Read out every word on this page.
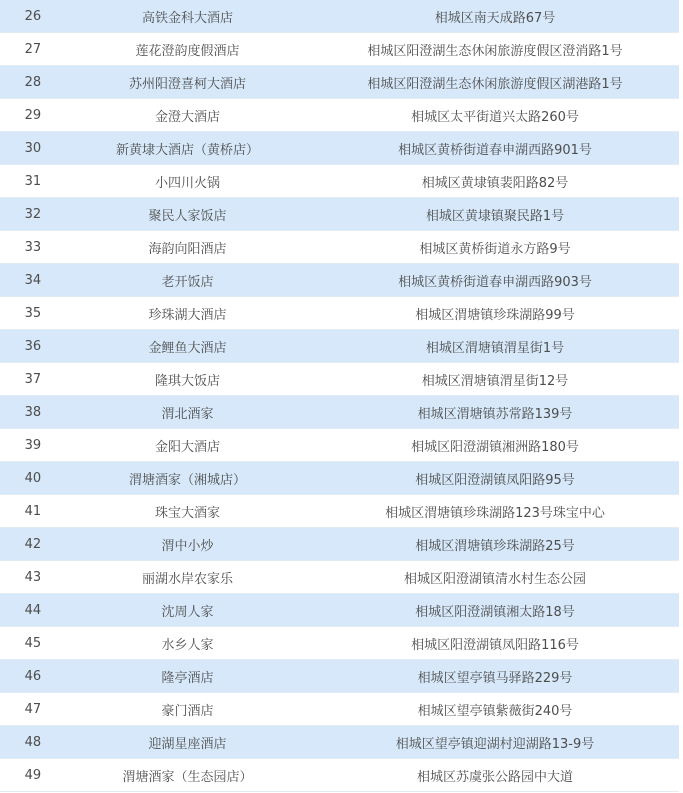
26	高铁金科大酒店	相城区南天成路67号
27	莲花澄韵度假酒店	相城区阳澄湖生态休闲旅游度假区澄消路1号
28	苏州阳澄喜柯大酒店	相城区阳澄湖生态休闲旅游度假区湖港路1号
29	金澄大酒店	相城区太平街道兴太路260号
30	新黄埭大酒店（黄桥店）	相城区黄桥街道春申湖西路901号
31	小四川火锅	相城区黄埭镇裴阳路82号
32	聚民人家饭店	相城区黄埭镇聚民路1号
33	海韵向阳酒店	相城区黄桥街道永方路9号
34	老开饭店	相城区黄桥街道春申湖西路903号
35	珍珠湖大酒店	相城区渭塘镇珍珠湖路99号
36	金鲤鱼大酒店	相城区渭塘镇渭星街1号
37	隆琪大饭店	相城区渭塘镇渭星街12号
38	渭北酒家	相城区渭塘镇苏常路139号
39	金阳大酒店	相城区阳澄湖镇湘洲路180号
40	渭塘酒家（湘城店）	相城区阳澄湖镇凤阳路95号
41	珠宝大酒家	相城区渭塘镇珍珠湖路123号珠宝中心
42	渭中小炒	相城区渭塘镇珍珠湖路25号
43	丽湖水岸农家乐	相城区阳澄湖镇清水村生态公园
44	沈周人家	相城区阳澄湖镇湘太路18号
45	水乡人家	相城区阳澄湖镇凤阳路116号
46	隆亭酒店	相城区望亭镇马驿路229号
47	豪门酒店	相城区望亭镇紫薇街240号
48	迎湖星座酒店	相城区望亭镇迎湖村迎湖路13-9号
49	渭塘酒家（生态园店）	相城区苏虞张公路园中大道
